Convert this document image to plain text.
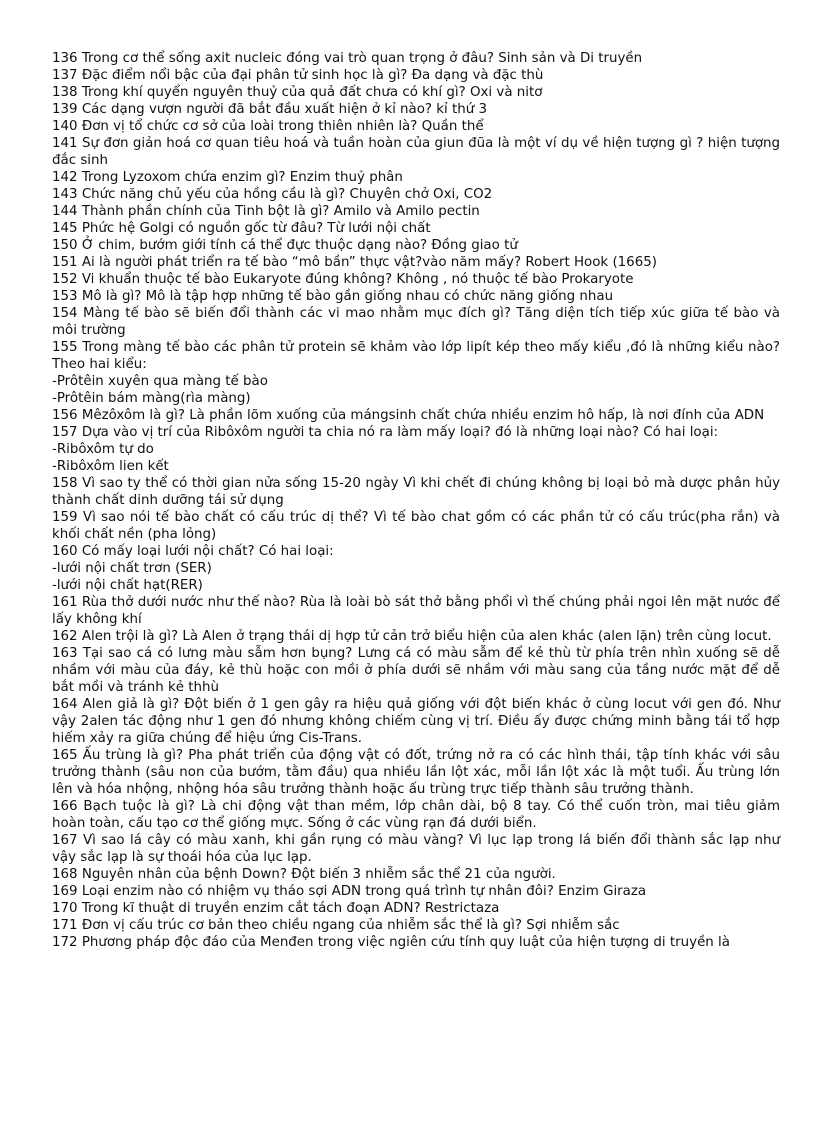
136 Trong cơ thể sống axit nucleic đóng vai trò quan trọng ở đâu? Sinh sản và Di truyền

137 Đặc điểm nổi bậc của đại phân tử sinh học là gì? Đa dạng và đặc thù

138 Trong khí quyển nguyên thuỷ của quả đất chưa có khí gì? Oxi và nitơ

139 Các dạng vượn người đã bắt đầu xuất hiện ở kỉ nào? kỉ thứ 3

140 Đơn vị tổ chức cơ sở của loài trong thiên nhiên là? Quần thể

141 Sự đơn giản hoá cơ quan tiêu hoá và tuần hoàn của giun đũa là một ví dụ về hiện tượng gì ? hiện tượng đắc sinh

142 Trong Lyzoxom chứa enzim gì? Enzim thuỷ phân

143 Chức năng chủ yếu của hồng cầu là gì? Chuyên chở Oxi, CO2

144 Thành phần chính của Tinh bột là gì? Amilo và Amilo pectin

145 Phức hệ Golgi có nguồn gốc từ đâu? Từ lưới nội chất

150 Ở chim, bướm giới tính cá thể đực thuộc dạng nào? Đồng giao tử

151 Ai là người phát triển ra tế bào “mô bần” thực vật?vào năm mấy? Robert Hook (1665)

152 Vi khuẩn thuộc tế bào Eukaryote đúng không? Không , nó thuộc tế bào Prokaryote

153 Mô là gì? Mô là tập hợp những tế bào gần giống nhau có chức năng giống nhau

154 Màng tế bào sẽ biến đổi thành các vi mao nhằm mục đích gì? Tăng diện tích tiếp xúc giữa tế bào và môi trường

155 Trong màng tế bào các phân tử protein sẽ khảm vào lớp lipít kép theo mấy kiểu ,đó là những kiểu nào? Theo hai kiểu:

-Prôtêin xuyên qua màng tế bào

-Prôtêin bám màng(rìa màng)

156 Mêzôxôm là gì? Là phần lõm xuống của mángsinh chất chứa nhiều enzim hô hấp, là nơi đính của ADN

157 Dựa vào vị trí của Ribôxôm người ta chia nó ra làm mấy loại? đó là những loại nào? Có hai loại:

-Ribôxôm tự do

-Ribôxôm lien kết

158 Vì sao ty thể có thời gian nửa sống 15-20 ngày Vì khi chết đi chúng không bị loại bỏ mà dược phân hủy thành chất dinh dưỡng tái sử dụng

159 Vì sao nói tế bào chất có cấu trúc dị thể? Vì tế bào chat gồm có các phần tử có cấu trúc(pha rắn) và khối chất nền (pha lỏng)

160 Có mấy loại lưới nội chất? Có hai loại:

-lưới nội chất trơn (SER)

-lưới nội chất hạt(RER)

161 Rùa thở dưới nước như thế nào? Rùa là loài bò sát thở bằng phổi vì thế chúng phải ngoi lên mặt nước để lấy không khí

162 Alen trội là gì? Là Alen ở trạng thái dị hợp tử cản trở biểu hiện của alen khác (alen lặn) trên cùng locut.

163 Tại sao cá có lưng màu sẫm hơn bụng? Lưng cá có màu sẫm để kẻ thù từ phía trên nhìn xuống sẽ dễ nhầm với màu của đáy, kẻ thù hoặc con mồi ở phía dưới sẽ nhầm với màu sang của tầng nước mặt để dễ bắt mồi và tránh kẻ thhù

164 Alen giả là gì? Đột biến ở 1 gen gây ra hiệu quả giống với đột biến khác ở cùng locut với gen đó. Như vậy 2alen tác động như 1 gen đó nhưng không chiếm cùng vị trí. Điều ấy được chứng minh bằng tái tổ hợp hiếm xảy ra giữa chúng để hiệu ứng Cis-Trans.

165 Ấu trùng là gì? Pha phát triển của động vật có đốt, trứng nở ra có các hình thái, tập tính khác với sâu trưởng thành (sâu non của bướm, tằm đầu) qua nhiều lần lột xác, mỗi lần lột xác là một tuổi. Ấu trùng lớn lên và hóa nhộng, nhộng hóa sâu trưởng thành hoặc ấu trùng trực tiếp thành sâu trưởng thành.

166 Bạch tuộc là gì? Là chi động vật than mềm, lớp chân dài, bộ 8 tay. Có thể cuốn tròn, mai tiêu giảm hoàn toàn, cấu tạo cơ thể giống mực. Sống ở các vùng rạn đá dưới biển.

167 Vì sao lá cây có màu xanh, khi gần rụng có màu vàng? Vì lục lạp trong lá biến đổi thành sắc lạp như vậy sắc lạp là sự thoái hóa của lục lạp.

168 Nguyên nhân của bệnh Down? Đột biến 3 nhiễm sắc thể 21 của người.

169 Loại enzim nào có nhiệm vụ tháo sợi ADN trong quá trình tự nhân đôi? Enzim Giraza

170 Trong kĩ thuật di truyền enzim cắt tách đoạn ADN? Restrictaza

171 Đơn vị cấu trúc cơ bản theo chiều ngang của nhiễm sắc thể là gì? Sợi nhiễm sắc

172 Phương pháp độc đáo của Menđen trong việc ngiên cứu tính quy luật của hiện tượng di truyền là
